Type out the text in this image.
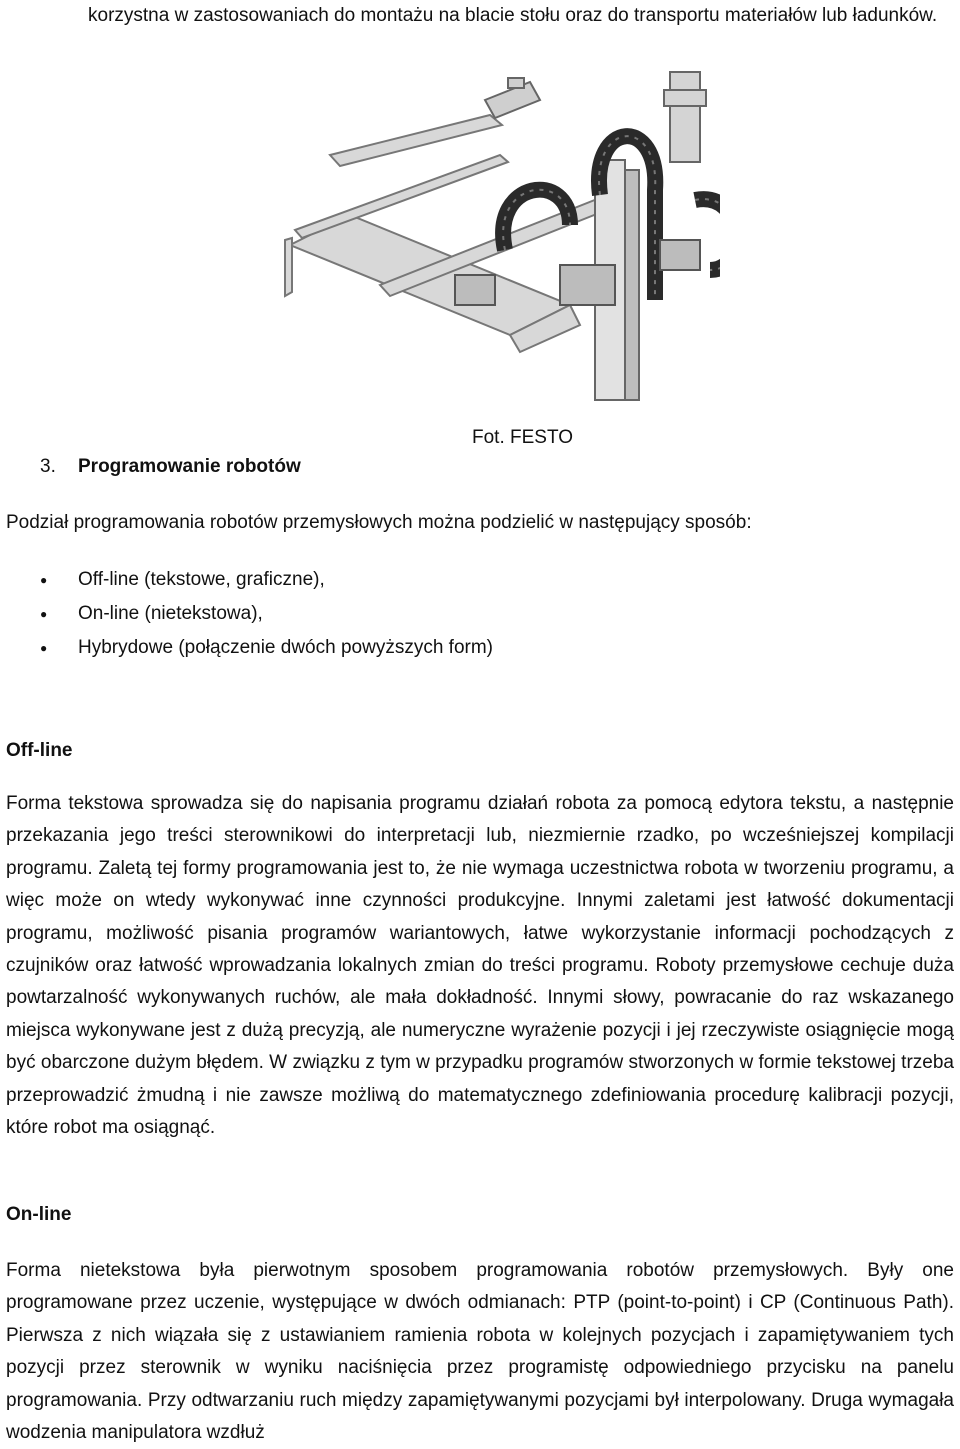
korzystna w zastosowaniach do montażu na blacie stołu oraz do transportu materiałów lub ładunków.
Fot. FESTO
3. Programowanie robotów
Podział programowania robotów przemysłowych można podzielić w następujący sposób:
● Off-line (tekstowe, graficzne),
● On-line (nietekstowa),
● Hybrydowe (połączenie dwóch powyższych form)
Off-line
Forma tekstowa sprowadza się do napisania programu działań robota za pomocą edytora tekstu, a następnie przekazania jego treści sterownikowi do interpretacji lub, niezmiernie rzadko, po wcześniejszej kompilacji programu. Zaletą tej formy programowania jest to, że nie wymaga uczestnictwa robota w tworzeniu programu, a więc może on wtedy wykonywać inne czynności produkcyjne. Innymi zaletami jest łatwość dokumentacji programu, możliwość pisania programów wariantowych, łatwe wykorzystanie informacji pochodzących z czujników oraz łatwość wprowadzania lokalnych zmian do treści programu. Roboty przemysłowe cechuje duża powtarzalność wykonywanych ruchów, ale mała dokładność. Innymi słowy, powracanie do raz wskazanego miejsca wykonywane jest z dużą precyzją, ale numeryczne wyrażenie pozycji i jej rzeczywiste osiągnięcie mogą być obarczone dużym błędem. W związku z tym w przypadku programów stworzonych w formie tekstowej trzeba przeprowadzić żmudną i nie zawsze możliwą do matematycznego zdefiniowania procedurę kalibracji pozycji, które robot ma osiągnąć.
On-line
Forma nietekstowa była pierwotnym sposobem programowania robotów przemysłowych. Były one programowane przez uczenie, występujące w dwóch odmianach: PTP (point-to-point) i CP (Continuous Path). Pierwsza z nich wiązała się z ustawianiem ramienia robota w kolejnych pozycjach i zapamiętywaniem tych pozycji przez sterownik w wyniku naciśnięcia przez programistę odpowiedniego przycisku na panelu programowania. Przy odtwarzaniu ruch między zapamiętywanymi pozycjami był interpolowany. Druga wymagała wodzenia manipulatora wzdłuż
